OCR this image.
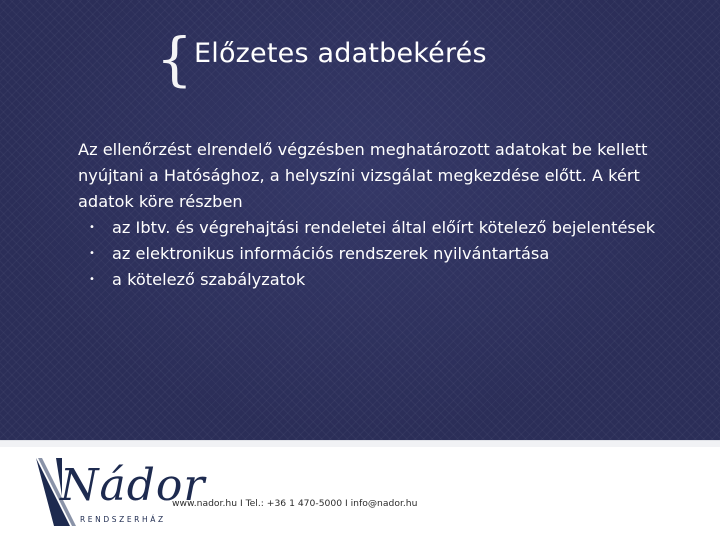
{ Előzetes adatbekérés

Az ellenőrzést elrendelő végzésben meghatározott adatokat be kellett nyújtani a Hatósághoz, a helyszíni vizsgálat megkezdése előtt. A kért adatok köre részben

• az Ibtv. és végrehajtási rendeletei által előírt kötelező bejelentések
• az elektronikus információs rendszerek nyilvántartása
• a kötelező szabályzatok
Nádor
RENDSZERHÁZ
www.nador.hu I Tel.: +36 1 470-5000 I info@nador.hu
